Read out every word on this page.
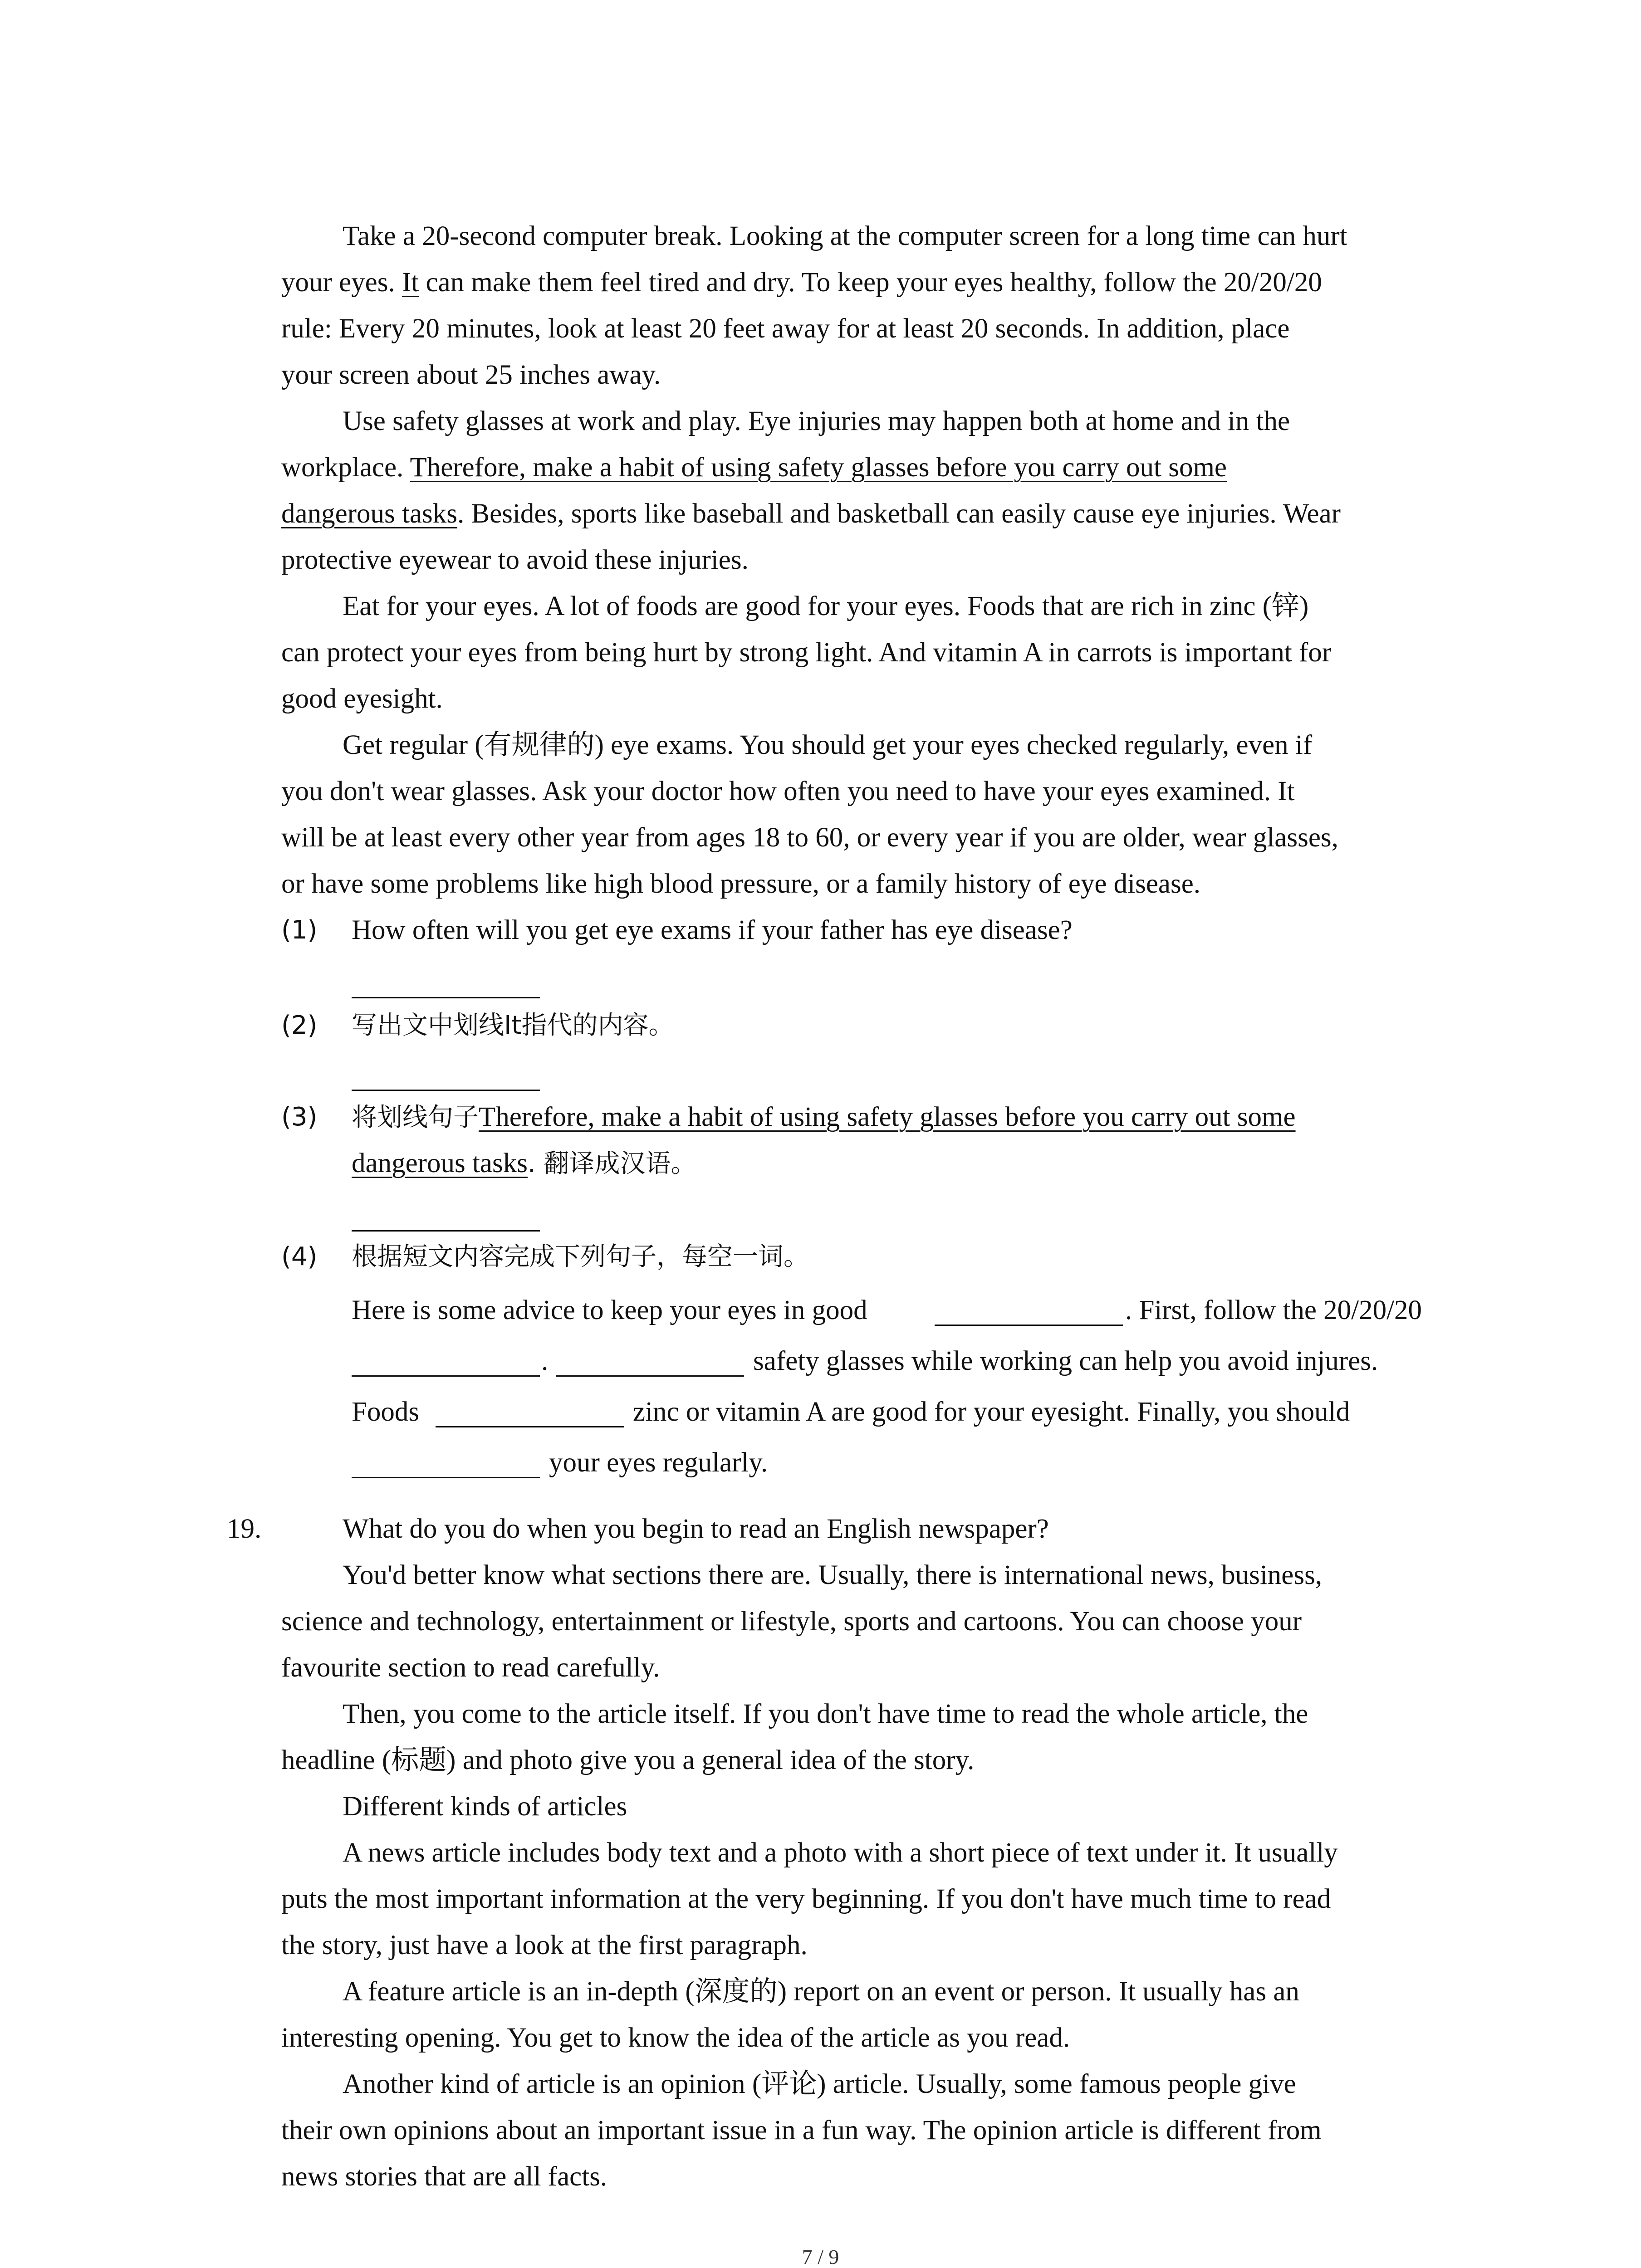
Take a 20-second computer break. Looking at the computer screen for a long time can hurt
your eyes. It can make them feel tired and dry. To keep your eyes healthy, follow the 20/20/20
rule: Every 20 minutes, look at least 20 feet away for at least 20 seconds. In addition, place
your screen about 25 inches away.
Use safety glasses at work and play. Eye injuries may happen both at home and in the
workplace. Therefore, make a habit of using safety glasses before you carry out some
dangerous tasks. Besides, sports like baseball and basketball can easily cause eye injuries. Wear
protective eyewear to avoid these injuries.
Eat for your eyes. A lot of foods are good for your eyes. Foods that are rich in zinc (锌)
can protect your eyes from being hurt by strong light. And vitamin A in carrots is important for
good eyesight.
Get regular (有规律的) eye exams. You should get your eyes checked regularly, even if
you don't wear glasses. Ask your doctor how often you need to have your eyes examined. It
will be at least every other year from ages 18 to 60, or every year if you are older, wear glasses,
or have some problems like high blood pressure, or a family history of eye disease.
(1) How often will you get eye exams if your father has eye disease?
(2) 写出文中划线It指代的内容。
(3) 将划线句子Therefore, make a habit of using safety glasses before you carry out some
dangerous tasks. 翻译成汉语。
(4) 根据短文内容完成下列句子，每空一词。
Here is some advice to keep your eyes in good	. First, follow the 20/20/20
.	safety glasses while working can help you avoid injures.
Foods	zinc or vitamin A are good for your eyesight. Finally, you should
your eyes regularly.
19.	What do you do when you begin to read an English newspaper?
You'd better know what sections there are. Usually, there is international news, business,
science and technology, entertainment or lifestyle, sports and cartoons. You can choose your
favourite section to read carefully.
Then, you come to the article itself. If you don't have time to read the whole article, the
headline (标题) and photo give you a general idea of the story.
Different kinds of articles
A news article includes body text and a photo with a short piece of text under it. It usually
puts the most important information at the very beginning. If you don't have much time to read
the story, just have a look at the first paragraph.
A feature article is an in-depth (深度的) report on an event or person. It usually has an
interesting opening. You get to know the idea of the article as you read.
Another kind of article is an opinion (评论) article. Usually, some famous people give
their own opinions about an important issue in a fun way. The opinion article is different from
news stories that are all facts.
7 / 9
